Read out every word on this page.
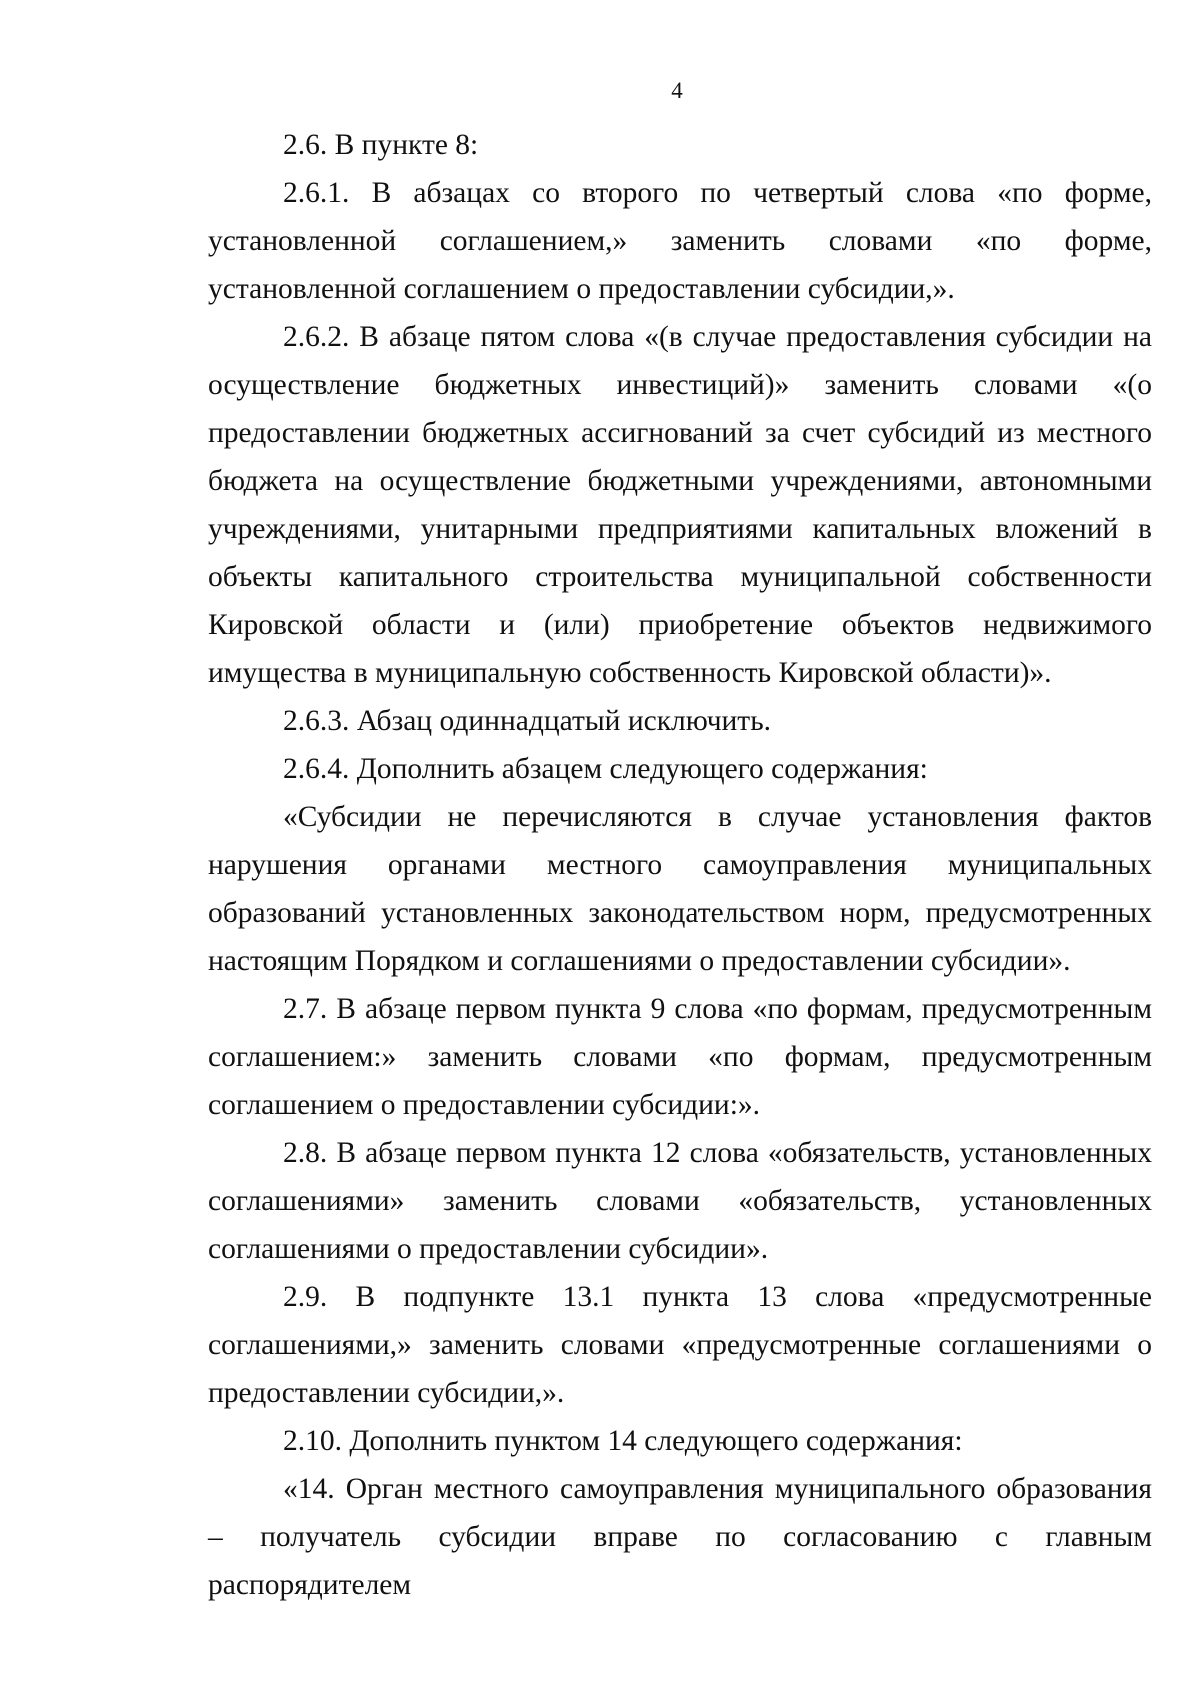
4

2.6. В пункте 8:

2.6.1. В абзацах со второго по четвертый слова «по форме, установленной соглашением,» заменить словами «по форме, установленной соглашением о предоставлении субсидии,».

2.6.2. В абзаце пятом слова «(в случае предоставления субсидии на осуществление бюджетных инвестиций)» заменить словами «(о предоставлении бюджетных ассигнований за счет субсидий из местного бюджета на осуществление бюджетными учреждениями, автономными учреждениями, унитарными предприятиями капитальных вложений в объекты капитального строительства муниципальной собственности Кировской области и (или) приобретение объектов недвижимого имущества в муниципальную собственность Кировской области)».

2.6.3. Абзац одиннадцатый исключить.

2.6.4. Дополнить абзацем следующего содержания:

«Субсидии не перечисляются в случае установления фактов нарушения органами местного самоуправления муниципальных образований установленных законодательством норм, предусмотренных настоящим Порядком и соглашениями о предоставлении субсидии».

2.7. В абзаце первом пункта 9 слова «по формам, предусмотренным соглашением:» заменить словами «по формам, предусмотренным соглашением о предоставлении субсидии:».

2.8. В абзаце первом пункта 12 слова «обязательств, установленных соглашениями» заменить словами «обязательств, установленных соглашениями о предоставлении субсидии».

2.9. В подпункте 13.1 пункта 13 слова «предусмотренные соглашениями,» заменить словами «предусмотренные соглашениями о предоставлении субсидии,».

2.10. Дополнить пунктом 14 следующего содержания:

«14. Орган местного самоуправления муниципального образования – получатель субсидии вправе по согласованию с главным распорядителем
